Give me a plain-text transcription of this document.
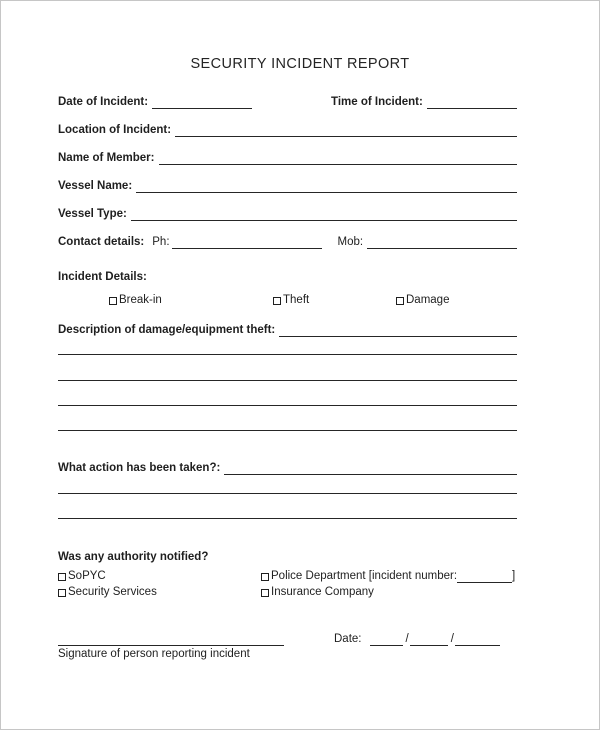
SECURITY INCIDENT REPORT
Date of Incident:	Time of Incident:
Location of Incident:
Name of Member:
Vessel Name:
Vessel Type:
Contact details: Ph:	Mob:
Incident Details:
Break-in	Theft	Damage
Description of damage/equipment theft:
What action has been taken?:
Was any authority notified?
SoPYC	Police Department [incident number:	]
Security Services	Insurance Company
Signature of person reporting incident
Date:	/	/
